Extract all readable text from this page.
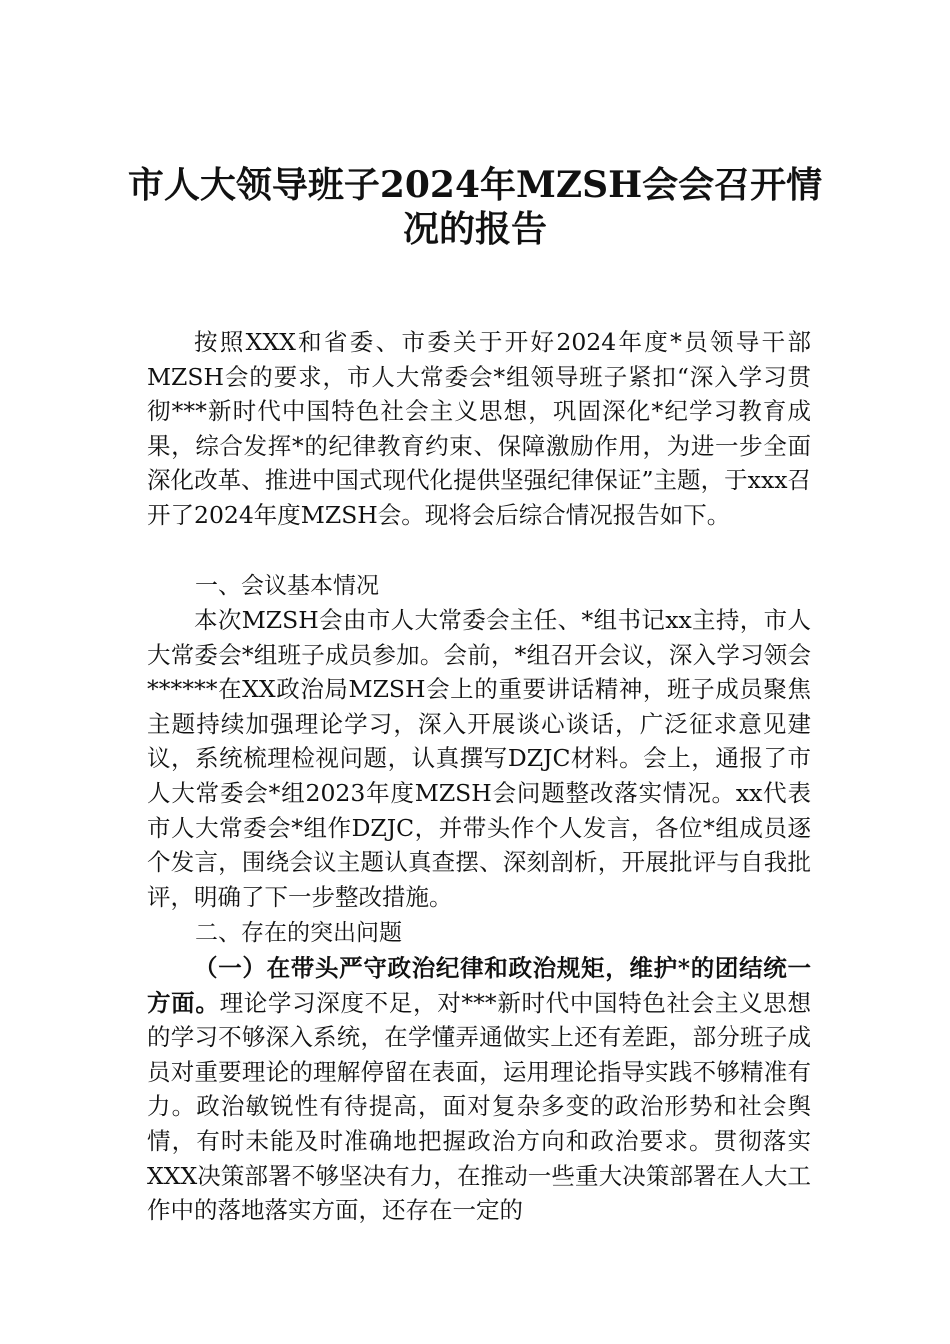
市人大领导班子2024年MZSH会会召开情
况的报告

按照XXX和省委、市委关于开好2024年度*员领导干部MZSH会的要求，市人大常委会*组领导班子紧扣“深入学习贯彻***新时代中国特色社会主义思想，巩固深化*纪学习教育成果，综合发挥*的纪律教育约束、保障激励作用，为进一步全面深化改革、推进中国式现代化提供坚强纪律保证”主题，于xxx召开了2024年度MZSH会。现将会后综合情况报告如下。

一、会议基本情况

本次MZSH会由市人大常委会主任、*组书记xx主持，市人大常委会*组班子成员参加。会前，*组召开会议，深入学习领会******在XX政治局MZSH会上的重要讲话精神，班子成员聚焦主题持续加强理论学习，深入开展谈心谈话，广泛征求意见建议，系统梳理检视问题，认真撰写DZJC材料。会上，通报了市人大常委会*组2023年度MZSH会问题整改落实情况。xx代表市人大常委会*组作DZJC，并带头作个人发言，各位*组成员逐个发言，围绕会议主题认真查摆、深刻剖析，开展批评与自我批评，明确了下一步整改措施。

二、存在的突出问题

（一）在带头严守政治纪律和政治规矩，维护*的团结统一方面。理论学习深度不足，对***新时代中国特色社会主义思想的学习不够深入系统，在学懂弄通做实上还有差距，部分班子成员对重要理论的理解停留在表面，运用理论指导实践不够精准有力。政治敏锐性有待提高，面对复杂多变的政治形势和社会舆情，有时未能及时准确地把握政治方向和政治要求。贯彻落实XXX决策部署不够坚决有力，在推动一些重大决策部署在人大工作中的落地落实方面，还存在一定的
